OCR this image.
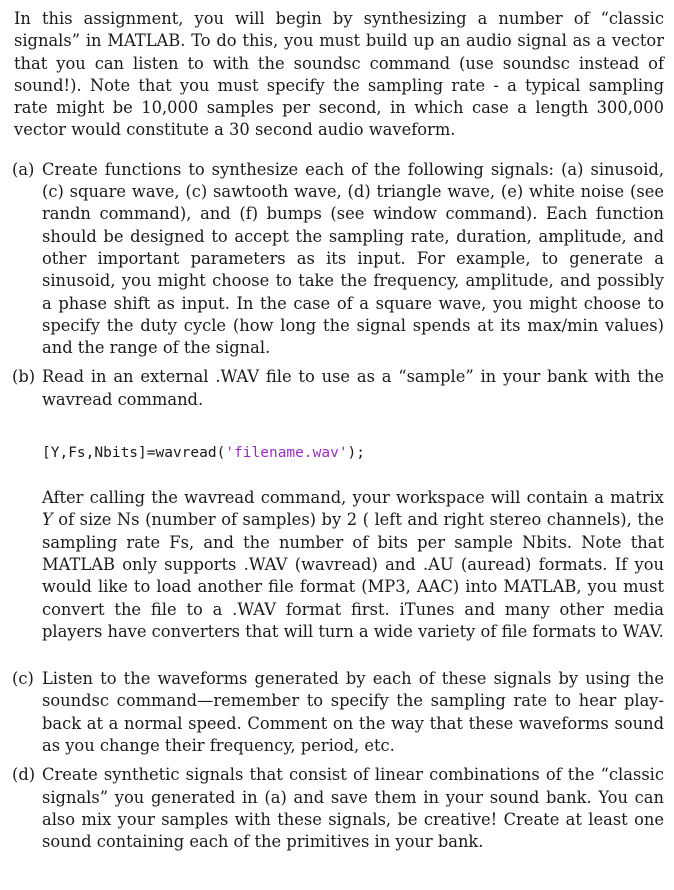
In this assignment, you will begin by synthesizing a number of “classic signals” in MATLAB. To do this, you must build up an audio signal as a vector that you can listen to with the soundsc command (use soundsc instead of sound!). Note that you must specify the sampling rate - a typical sampling rate might be 10,000 samples per second, in which case a length 300,000 vector would constitute a 30 second audio waveform.

(a) Create functions to synthesize each of the following signals: (a) sinusoid, (c) square wave, (c) sawtooth wave, (d) triangle wave, (e) white noise (see randn command), and (f) bumps (see window command). Each function should be designed to accept the sampling rate, duration, amplitude, and other important parameters as its input. For example, to generate a sinusoid, you might choose to take the frequency, amplitude, and possibly a phase shift as input. In the case of a square wave, you might choose to specify the duty cycle (how long the signal spends at its max/min values) and the range of the signal.

(b) Read in an external .WAV file to use as a “sample” in your bank with the wavread command.

[Y,Fs,Nbits]=wavread('filename.wav');

After calling the wavread command, your workspace will contain a matrix Y of size Ns (number of samples) by 2 ( left and right stereo channels), the sampling rate Fs, and the number of bits per sample Nbits. Note that MATLAB only supports .WAV (wavread) and .AU (auread) formats. If you would like to load another file format (MP3, AAC) into MATLAB, you must convert the file to a .WAV format first. iTunes and many other media players have converters that will turn a wide variety of file formats to WAV.

(c) Listen to the waveforms generated by each of these signals by using the soundsc command—remember to specify the sampling rate to hear play-back at a normal speed. Comment on the way that these waveforms sound as you change their frequency, period, etc.

(d) Create synthetic signals that consist of linear combinations of the “classic signals” you generated in (a) and save them in your sound bank. You can also mix your samples with these signals, be creative! Create at least one sound containing each of the primitives in your bank.
